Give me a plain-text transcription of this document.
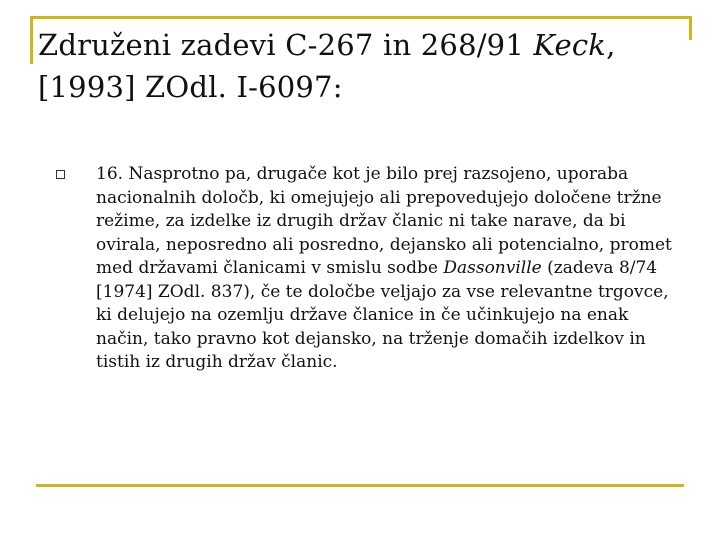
Združeni zadevi C-267 in 268/91 Keck,
[1993] ZOdl. I-6097:

16. Nasprotno pa, drugače kot je bilo prej razsojeno, uporaba nacionalnih določb, ki omejujejo ali prepovedujejo določene tržne režime, za izdelke iz drugih držav članic ni take narave, da bi ovirala, neposredno ali posredno, dejansko ali potencialno, promet med državami članicami v smislu sodbe Dassonville (zadeva 8/74 [1974] ZOdl. 837), če te določbe veljajo za vse relevantne trgovce, ki delujejo na ozemlju države članice in če učinkujejo na enak način, tako pravno kot dejansko, na trženje domačih izdelkov in tistih iz drugih držav članic.
